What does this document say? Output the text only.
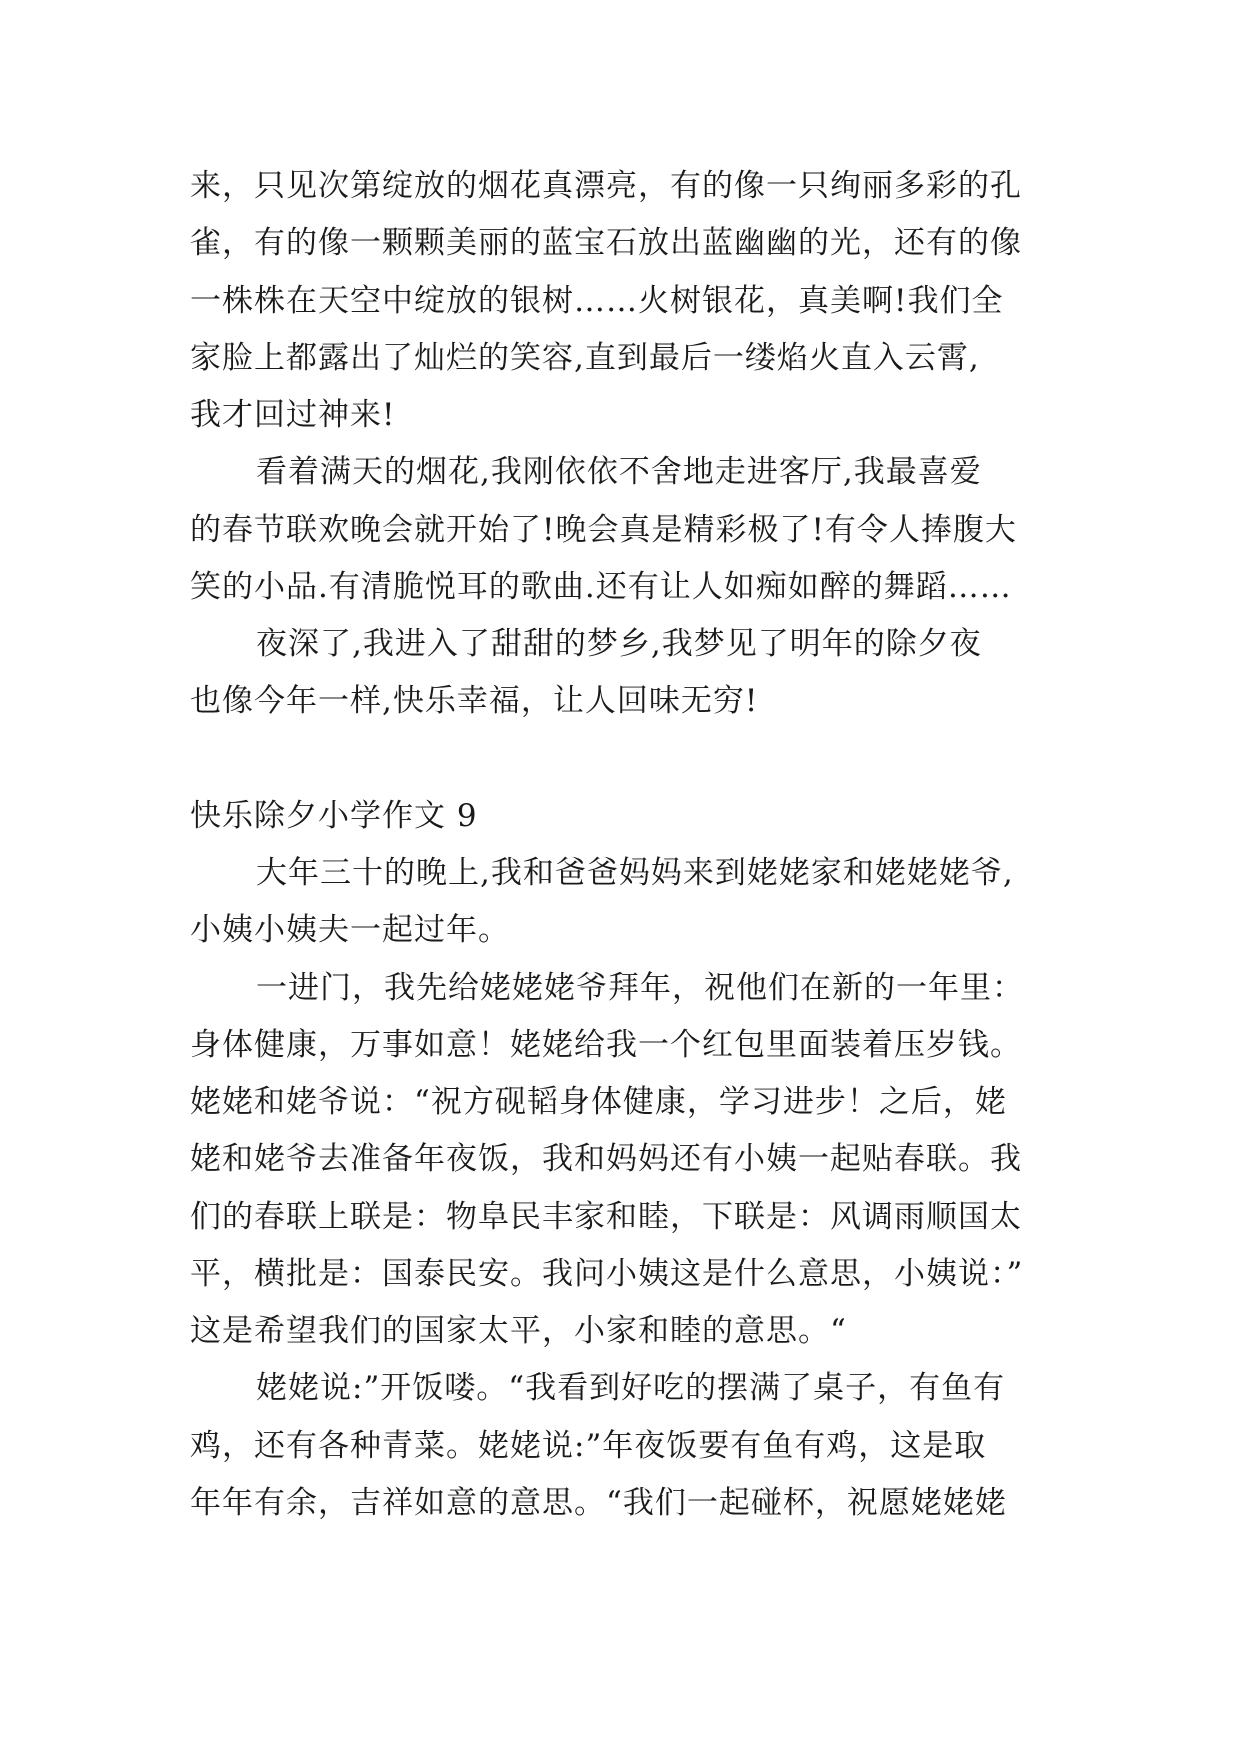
来，只见次第绽放的烟花真漂亮，有的像一只绚丽多彩的孔
雀，有的像一颗颗美丽的蓝宝石放出蓝幽幽的光，还有的像
一株株在天空中绽放的银树……火树银花，真美啊!我们全
家脸上都露出了灿烂的笑容,直到最后一缕焰火直入云霄,
我才回过神来!
看着满天的烟花,我刚依依不舍地走进客厅,我最喜爱
的春节联欢晚会就开始了!晚会真是精彩极了!有令人捧腹大
笑的小品.有清脆悦耳的歌曲.还有让人如痴如醉的舞蹈……
夜深了,我进入了甜甜的梦乡,我梦见了明年的除夕夜
也像今年一样,快乐幸福，让人回味无穷!
快乐除夕小学作文 9
大年三十的晚上,我和爸爸妈妈来到姥姥家和姥姥姥爷,
小姨小姨夫一起过年。
一进门，我先给姥姥姥爷拜年，祝他们在新的一年里：
身体健康，万事如意！姥姥给我一个红包里面装着压岁钱。
姥姥和姥爷说：“祝方砚韬身体健康，学习进步！之后，姥
姥和姥爷去准备年夜饭，我和妈妈还有小姨一起贴春联。我
们的春联上联是：物阜民丰家和睦，下联是：风调雨顺国太
平，横批是：国泰民安。我问小姨这是什么意思，小姨说：”
这是希望我们的国家太平，小家和睦的意思。“
姥姥说:”开饭喽。“我看到好吃的摆满了桌子，有鱼有
鸡，还有各种青菜。姥姥说:”年夜饭要有鱼有鸡，这是取
年年有余，吉祥如意的意思。“我们一起碰杯，祝愿姥姥姥
